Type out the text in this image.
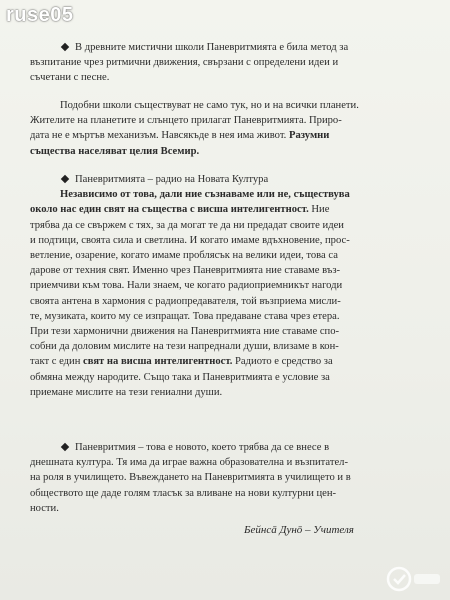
ruse05
В древните мистични школи Паневритмията е била метод за
възпитание чрез ритмични движения, свързани с определени идеи и
съчетани с песне.
Подобни школи съществуват не само тук, но и на всички планети.
Жителите на планетите и слънцето прилагат Паневритмията. Приро-
дата не е мъртъв механизъм. Навсякъде в нея има живот. Разумни
същества населяват целия Всемир.
Паневритмията – радио на Новата Култура
Независимо от това, дали ние съзнаваме или не, съществува
около нас един свят на същества с висша интелигентност. Ние
трябва да се свържем с тях, за да могат те да ни предадат своите идеи
и подтици, своята сила и светлина. И когато имаме вдъхновение, прос-
ветление, озарение, когато имаме проблясък на велики идеи, това са
дарове от техния свят. Именно чрез Паневритмията ние ставаме въз-
приемчиви към това. Нали знаем, че когато радиоприемникът нагоди
своята антена в хармония с радиопредавателя, той възприема мисли-
те, музиката, които му се изпращат. Това предаване става чрез етера.
При тези хармонични движения на Паневритмията ние ставаме спо-
собни да доловим мислите на тези напреднали души, влизаме в кон-
такт с един свят на висша интелигентност. Радиото е средство за
обмяна между народите. Също така и Паневритмията е условие за
приемане мислите на тези гениални души.
Паневритмия – това е новото, което трябва да се внесе в
днешната култура. Тя има да играе важна образователна и възпитател-
на роля в училището. Въвеждането на Паневритмията в училището и в
обществото ще даде голям тласък за вливане на нови културни цен-
ности.
Бейнсā Дунō – Учителя
